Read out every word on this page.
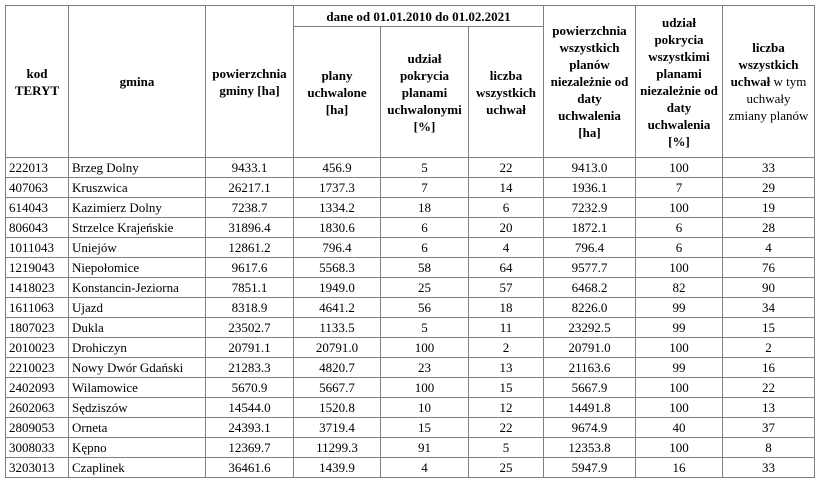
kod TERYT	gmina	powierzchnia gminy [ha]	dane od 01.01.2010 do 01.02.2021			powierzchnia wszystkich planów niezależnie od daty uchwalenia [ha]	udział pokrycia wszystkimi planami niezależnie od daty uchwalenia [%]	liczba wszystkich uchwał w tym uchwały zmiany planów
			plany uchwalone [ha]	udział pokrycia planami uchwalonymi [%]	liczba wszystkich uchwał			
222013	Brzeg Dolny	9433.1	456.9	5	22	9413.0	100	33
407063	Kruszwica	26217.1	1737.3	7	14	1936.1	7	29
614043	Kazimierz Dolny	7238.7	1334.2	18	6	7232.9	100	19
806043	Strzelce Krajeńskie	31896.4	1830.6	6	20	1872.1	6	28
1011043	Uniejów	12861.2	796.4	6	4	796.4	6	4
1219043	Niepołomice	9617.6	5568.3	58	64	9577.7	100	76
1418023	Konstancin-Jeziorna	7851.1	1949.0	25	57	6468.2	82	90
1611063	Ujazd	8318.9	4641.2	56	18	8226.0	99	34
1807023	Dukla	23502.7	1133.5	5	11	23292.5	99	15
2010023	Drohiczyn	20791.1	20791.0	100	2	20791.0	100	2
2210023	Nowy Dwór Gdański	21283.3	4820.7	23	13	21163.6	99	16
2402093	Wilamowice	5670.9	5667.7	100	15	5667.9	100	22
2602063	Sędziszów	14544.0	1520.8	10	12	14491.8	100	13
2809053	Orneta	24393.1	3719.4	15	22	9674.9	40	37
3008033	Kępno	12369.7	11299.3	91	5	12353.8	100	8
3203013	Czaplinek	36461.6	1439.9	4	25	5947.9	16	33
